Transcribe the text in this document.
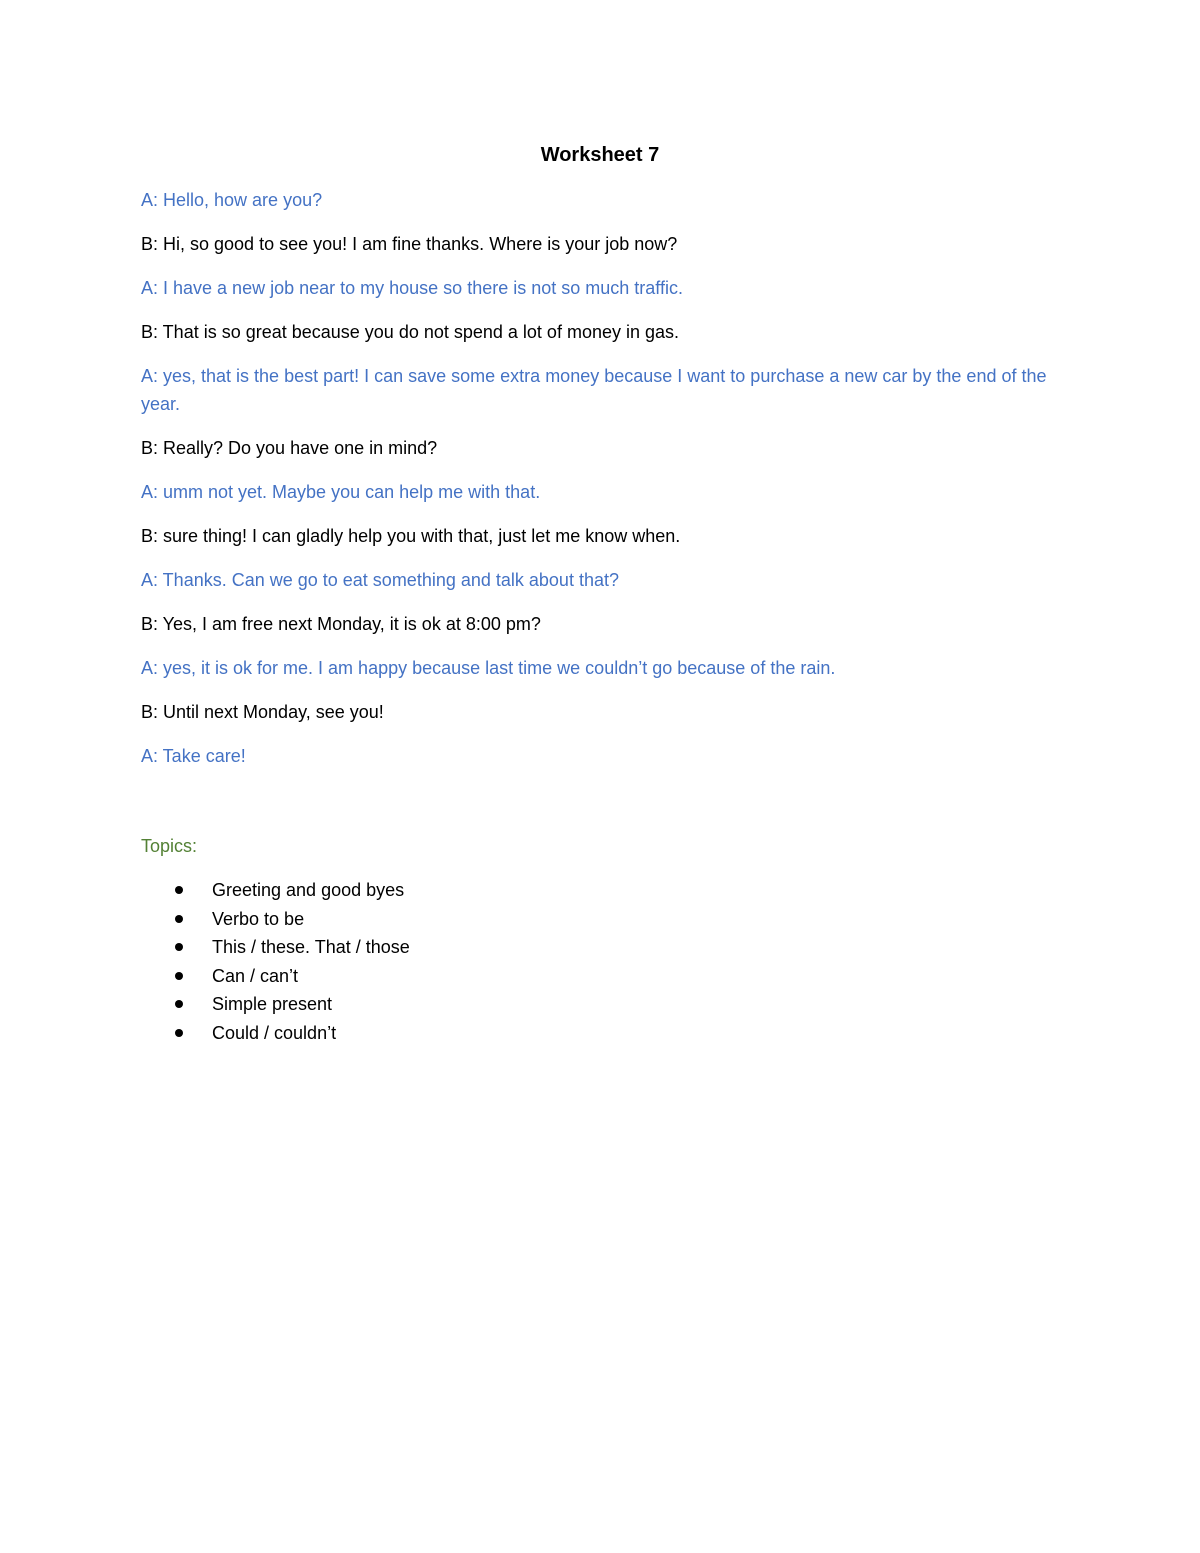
Worksheet 7

A: Hello, how are you?

B: Hi, so good to see you! I am fine thanks. Where is your job now?

A: I have a new job near to my house so there is not so much traffic.

B: That is so great because you do not spend a lot of money in gas.

A: yes, that is the best part! I can save some extra money because I want to purchase a new car by the end of the year.

B: Really? Do you have one in mind?

A: umm not yet. Maybe you can help me with that.

B: sure thing! I can gladly help you with that, just let me know when.

A: Thanks. Can we go to eat something and talk about that?

B: Yes, I am free next Monday, it is ok at 8:00 pm?

A: yes, it is ok for me. I am happy because last time we couldn’t go because of the rain.

B: Until next Monday, see you!

A: Take care!

Topics:
Greeting and good byes
Verbo to be
This / these. That / those
Can / can’t
Simple present
Could / couldn’t
